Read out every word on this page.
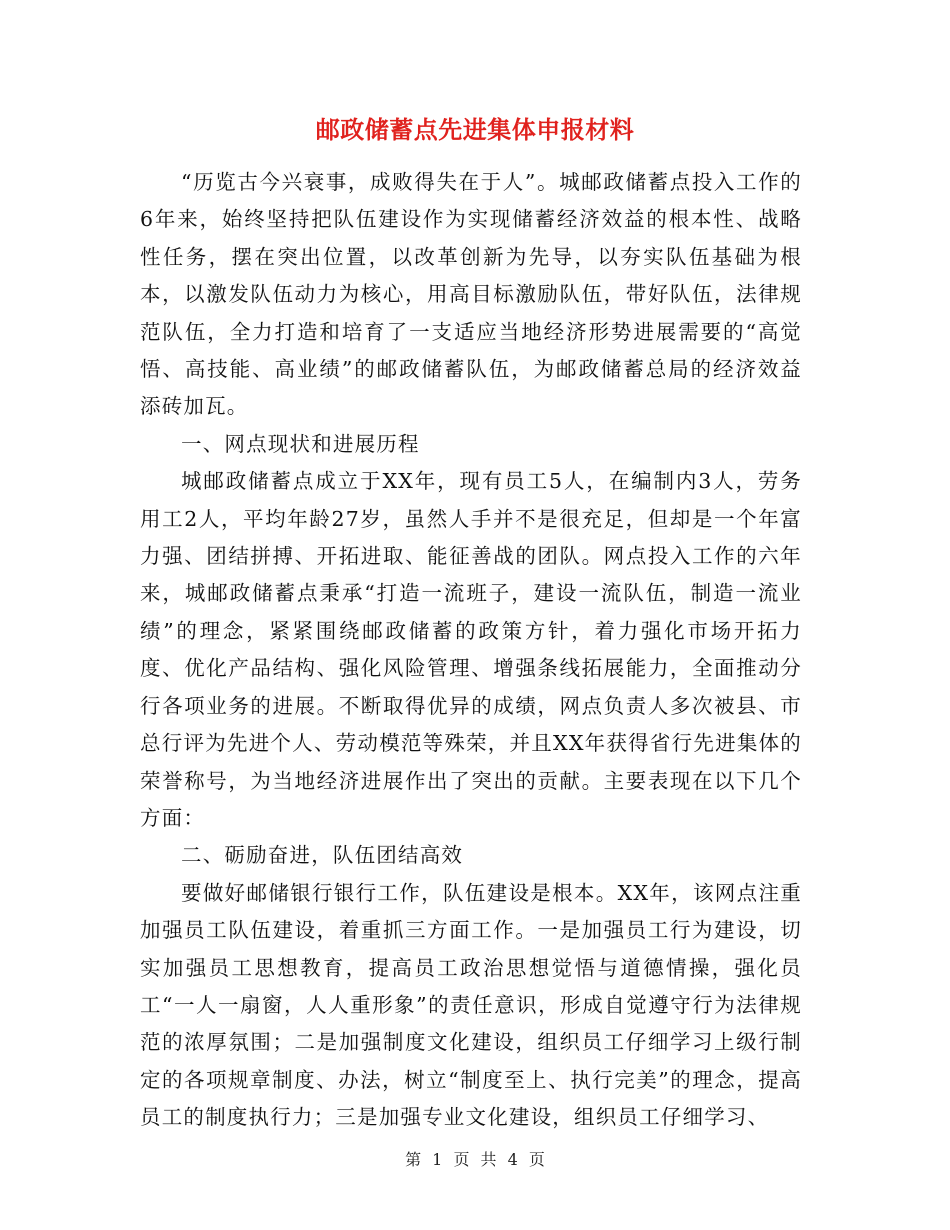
邮政储蓄点先进集体申报材料

“历览古今兴衰事，成败得失在于人”。城邮政储蓄点投入工作的6年来，始终坚持把队伍建设作为实现储蓄经济效益的根本性、战略性任务，摆在突出位置，以改革创新为先导，以夯实队伍基础为根本，以激发队伍动力为核心，用高目标激励队伍，带好队伍，法律规范队伍，全力打造和培育了一支适应当地经济形势进展需要的“高觉悟、高技能、高业绩”的邮政储蓄队伍，为邮政储蓄总局的经济效益添砖加瓦。

一、网点现状和进展历程

城邮政储蓄点成立于XX年，现有员工5人，在编制内3人，劳务用工2人，平均年龄27岁，虽然人手并不是很充足，但却是一个年富力强、团结拼搏、开拓进取、能征善战的团队。网点投入工作的六年来，城邮政储蓄点秉承“打造一流班子，建设一流队伍，制造一流业绩”的理念，紧紧围绕邮政储蓄的政策方针，着力强化市场开拓力度、优化产品结构、强化风险管理、增强条线拓展能力，全面推动分行各项业务的进展。不断取得优异的成绩，网点负责人多次被县、市总行评为先进个人、劳动模范等殊荣，并且XX年获得省行先进集体的荣誉称号，为当地经济进展作出了突出的贡献。主要表现在以下几个方面：

二、砺励奋进，队伍团结高效

要做好邮储银行银行工作，队伍建设是根本。XX年，该网点注重加强员工队伍建设，着重抓三方面工作。一是加强员工行为建设，切实加强员工思想教育，提高员工政治思想觉悟与道德情操，强化员工“一人一扇窗，人人重形象”的责任意识，形成自觉遵守行为法律规范的浓厚氛围；二是加强制度文化建设，组织员工仔细学习上级行制定的各项规章制度、办法，树立“制度至上、执行完美”的理念，提高员工的制度执行力；三是加强专业文化建设，组织员工仔细学习、

第 1 页 共 4 页
